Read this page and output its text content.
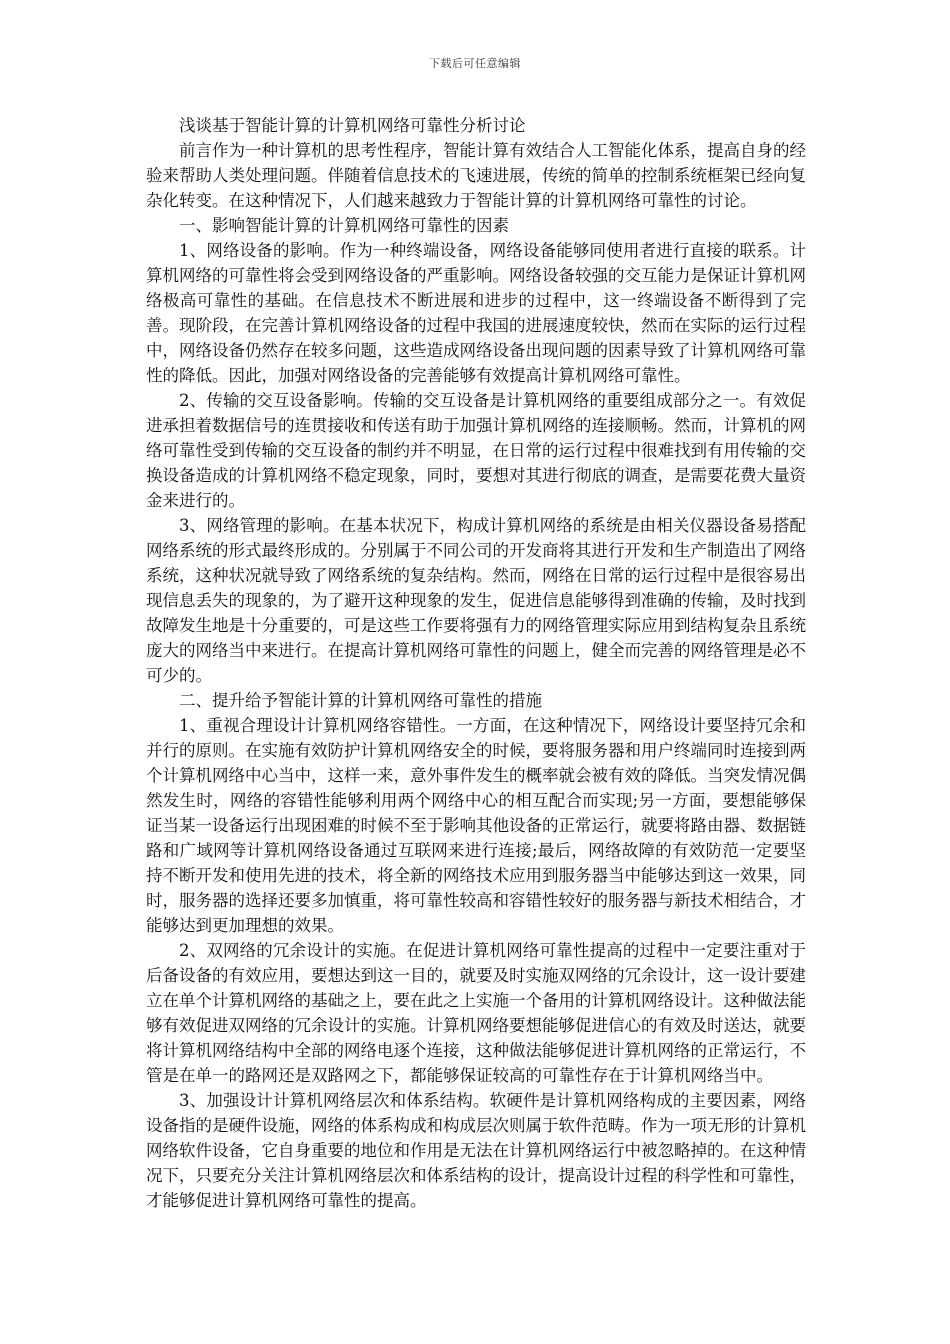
下载后可任意编辑

浅谈基于智能计算的计算机网络可靠性分析讨论

前言作为一种计算机的思考性程序，智能计算有效结合人工智能化体系，提高自身的经验来帮助人类处理问题。伴随着信息技术的飞速进展，传统的简单的控制系统框架已经向复杂化转变。在这种情况下，人们越来越致力于智能计算的计算机网络可靠性的讨论。

一、影响智能计算的计算机网络可靠性的因素

1、网络设备的影响。作为一种终端设备，网络设备能够同使用者进行直接的联系。计算机网络的可靠性将会受到网络设备的严重影响。网络设备较强的交互能力是保证计算机网络极高可靠性的基础。在信息技术不断进展和进步的过程中，这一终端设备不断得到了完善。现阶段，在完善计算机网络设备的过程中我国的进展速度较快，然而在实际的运行过程中，网络设备仍然存在较多问题，这些造成网络设备出现问题的因素导致了计算机网络可靠性的降低。因此，加强对网络设备的完善能够有效提高计算机网络可靠性。

2、传输的交互设备影响。传输的交互设备是计算机网络的重要组成部分之一。有效促进承担着数据信号的连贯接收和传送有助于加强计算机网络的连接顺畅。然而，计算机的网络可靠性受到传输的交互设备的制约并不明显，在日常的运行过程中很难找到有用传输的交换设备造成的计算机网络不稳定现象，同时，要想对其进行彻底的调查，是需要花费大量资金来进行的。

3、网络管理的影响。在基本状况下，构成计算机网络的系统是由相关仪器设备易搭配网络系统的形式最终形成的。分别属于不同公司的开发商将其进行开发和生产制造出了网络系统，这种状况就导致了网络系统的复杂结构。然而，网络在日常的运行过程中是很容易出现信息丢失的现象的，为了避开这种现象的发生，促进信息能够得到准确的传输，及时找到故障发生地是十分重要的，可是这些工作要将强有力的网络管理实际应用到结构复杂且系统庞大的网络当中来进行。在提高计算机网络可靠性的问题上，健全而完善的网络管理是必不可少的。

二、提升给予智能计算的计算机网络可靠性的措施

1、重视合理设计计算机网络容错性。一方面，在这种情况下，网络设计要坚持冗余和并行的原则。在实施有效防护计算机网络安全的时候，要将服务器和用户终端同时连接到两个计算机网络中心当中，这样一来，意外事件发生的概率就会被有效的降低。当突发情况偶然发生时，网络的容错性能够利用两个网络中心的相互配合而实现;另一方面，要想能够保证当某一设备运行出现困难的时候不至于影响其他设备的正常运行，就要将路由器、数据链路和广域网等计算机网络设备通过互联网来进行连接;最后，网络故障的有效防范一定要坚持不断开发和使用先进的技术，将全新的网络技术应用到服务器当中能够达到这一效果，同时，服务器的选择还要多加慎重，将可靠性较高和容错性较好的服务器与新技术相结合，才能够达到更加理想的效果。

2、双网络的冗余设计的实施。在促进计算机网络可靠性提高的过程中一定要注重对于后备设备的有效应用，要想达到这一目的，就要及时实施双网络的冗余设计，这一设计要建立在单个计算机网络的基础之上，要在此之上实施一个备用的计算机网络设计。这种做法能够有效促进双网络的冗余设计的实施。计算机网络要想能够促进信心的有效及时送达，就要将计算机网络结构中全部的网络电逐个连接，这种做法能够促进计算机网络的正常运行，不管是在单一的路网还是双路网之下，都能够保证较高的可靠性存在于计算机网络当中。

3、加强设计计算机网络层次和体系结构。软硬件是计算机网络构成的主要因素，网络设备指的是硬件设施，网络的体系构成和构成层次则属于软件范畴。作为一项无形的计算机网络软件设备，它自身重要的地位和作用是无法在计算机网络运行中被忽略掉的。在这种情况下，只要充分关注计算机网络层次和体系结构的设计，提高设计过程的科学性和可靠性，才能够促进计算机网络可靠性的提高。
